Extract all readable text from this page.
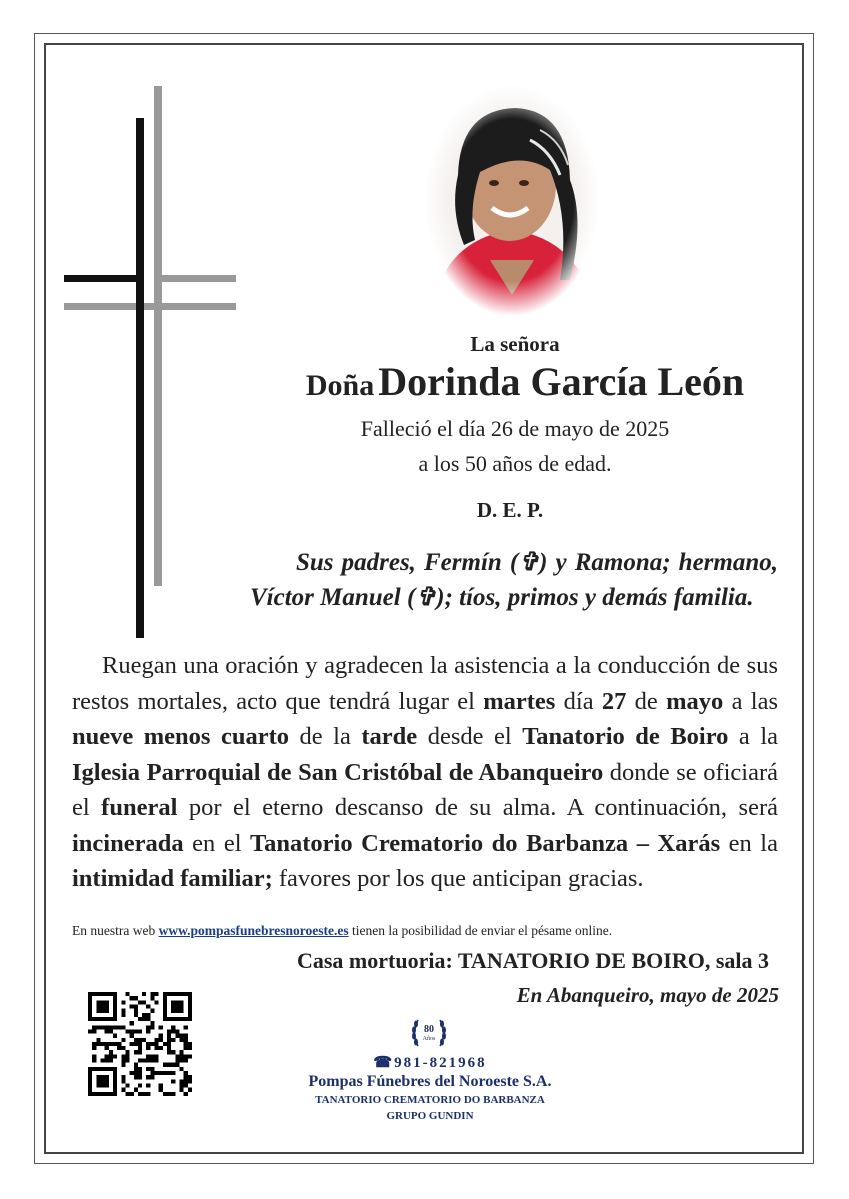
La señora
Doña Dorinda García León
Falleció el día 26 de mayo de 2025
a los 50 años de edad.
D. E. P.
Sus padres, Fermín (✞) y Ramona; hermano, Víctor Manuel (✞); tíos, primos y demás familia.
Ruegan una oración y agradecen la asistencia a la conducción de sus restos mortales, acto que tendrá lugar el martes día 27 de mayo a las nueve menos cuarto de la tarde desde el Tanatorio de Boiro a la Iglesia Parroquial de San Cristóbal de Abanqueiro donde se oficiará el funeral por el eterno descanso de su alma. A continuación, será incinerada en el Tanatorio Crematorio do Barbanza – Xarás en la intimidad familiar; favores por los que anticipan gracias.
En nuestra web www.pompasfunebresnoroeste.es tienen la posibilidad de enviar el pésame online.
Casa mortuoria: TANATORIO DE BOIRO, sala 3
En Abanqueiro, mayo de 2025
80
Años
☎981-821968
Pompas Fúnebres del Noroeste S.A.
TANATORIO CREMATORIO DO BARBANZA
GRUPO GUNDIN
